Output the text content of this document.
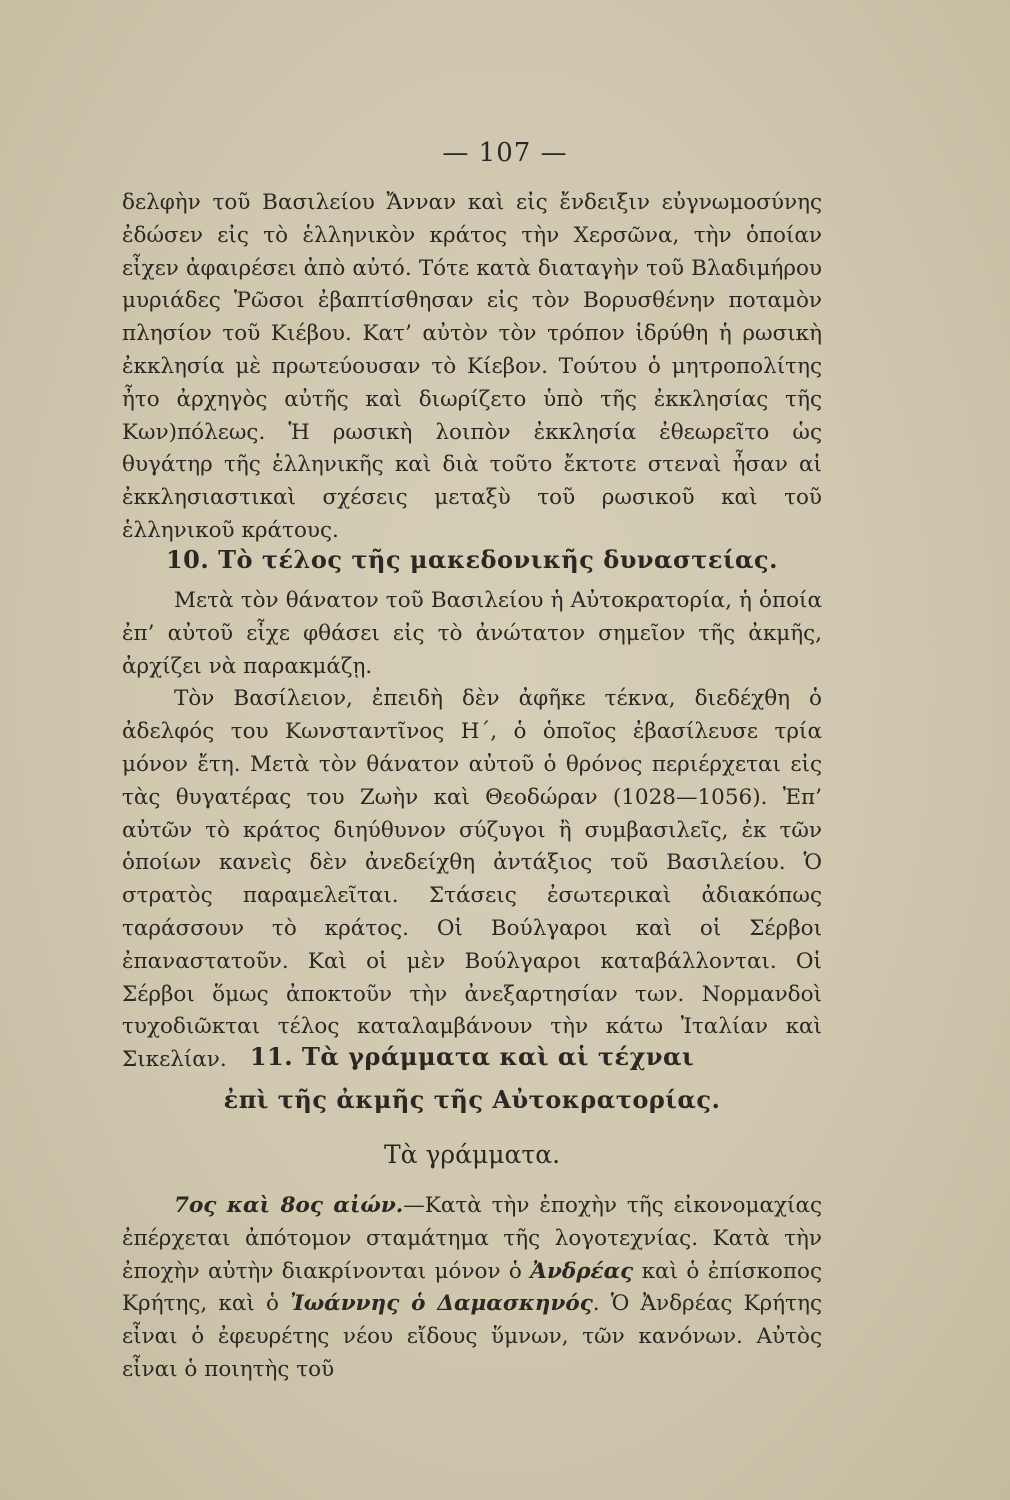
— 107 —

δελφὴν τοῦ Βασιλείου Ἄνναν καὶ εἰς ἔνδειξιν εὐγνωμοσύνης ἐδώσεν εἰς τὸ ἑλληνικὸν κράτος τὴν Χερσῶνα, τὴν ὁποίαν εἶχεν ἀφαιρέσει ἀπὸ αὐτό. Τότε κατὰ διαταγὴν τοῦ Βλαδιμήρου μυριάδες Ῥῶσοι ἐβαπτίσθησαν εἰς τὸν Βορυσθένην ποταμὸν πλησίον τοῦ Κιέβου. Κατ’ αὐτὸν τὸν τρόπον ἱδρύθη ἡ ρωσικὴ ἐκκλησία μὲ πρωτεύουσαν τὸ Κίεβον. Τούτου ὁ μητροπολίτης ἦτο ἀρχηγὸς αὐτῆς καὶ διωρίζετο ὑπὸ τῆς ἐκκλησίας τῆς Κων)πόλεως. Ἡ ρωσικὴ λοιπὸν ἐκκλησία ἐθεωρεῖτο ὡς θυγάτηρ τῆς ἑλληνικῆς καὶ διὰ τοῦτο ἔκτοτε στεναὶ ἦσαν αἱ ἐκκλησιαστικαὶ σχέσεις μεταξὺ τοῦ ρωσικοῦ καὶ τοῦ ἑλληνικοῦ κράτους.

10. Τὸ τέλος τῆς μακεδονικῆς δυναστείας.

Μετὰ τὸν θάνατον τοῦ Βασιλείου ἡ Αὐτοκρατορία, ἡ ὁποία ἐπ’ αὐτοῦ εἶχε φθάσει εἰς τὸ ἀνώτατον σημεῖον τῆς ἀκμῆς, ἀρχίζει νὰ παρακμάζῃ.

Τὸν Βασίλειον, ἐπειδὴ δὲν ἀφῆκε τέκνα, διεδέχθη ὁ ἀδελφός του Κωνσταντῖνος Η΄, ὁ ὁποῖος ἐβασίλευσε τρία μόνον ἔτη. Μετὰ τὸν θάνατον αὐτοῦ ὁ θρόνος περιέρχεται εἰς τὰς θυγατέρας του Ζωὴν καὶ Θεοδώραν (1028—1056). Ἐπ’ αὐτῶν τὸ κράτος διηύθυνον σύζυγοι ἢ συμβασιλεῖς, ἐκ τῶν ὁποίων κανεὶς δὲν ἀνεδείχθη ἀντάξιος τοῦ Βασιλείου. Ὁ στρατὸς παραμελεῖται. Στάσεις ἐσωτερικαὶ ἀδιακόπως ταράσσουν τὸ κράτος. Οἱ Βούλγαροι καὶ οἱ Σέρβοι ἐπαναστατοῦν. Καὶ οἱ μὲν Βούλγαροι καταβάλλονται. Οἱ Σέρβοι ὅμως ἀποκτοῦν τὴν ἀνεξαρτησίαν των. Νορμανδοὶ τυχοδιῶκται τέλος καταλαμβάνουν τὴν κάτω Ἰταλίαν καὶ Σικελίαν. 11. Τὰ γράμματα καὶ αἱ τέχναι
ἐπὶ τῆς ἀκμῆς τῆς Αὐτοκρατορίας.
Τὰ γράμματα.

7ος καὶ 8ος αἰών.—Κατὰ τὴν ἐποχὴν τῆς εἰκονομαχίας ἐπέρχεται ἀπότομον σταμάτημα τῆς λογοτεχνίας. Κατὰ τὴν ἐποχὴν αὐτὴν διακρίνονται μόνον ὁ Ἀνδρέας καὶ ὁ ἐπίσκοπος Κρήτης, καὶ ὁ Ἰωάννης ὁ Δαμασκηνός. Ὁ Ἀνδρέας Κρήτης εἶναι ὁ ἐφευρέτης νέου εἴδους ὕμνων, τῶν κανόνων. Αὐτὸς εἶναι ὁ ποιητὴς τοῦ
